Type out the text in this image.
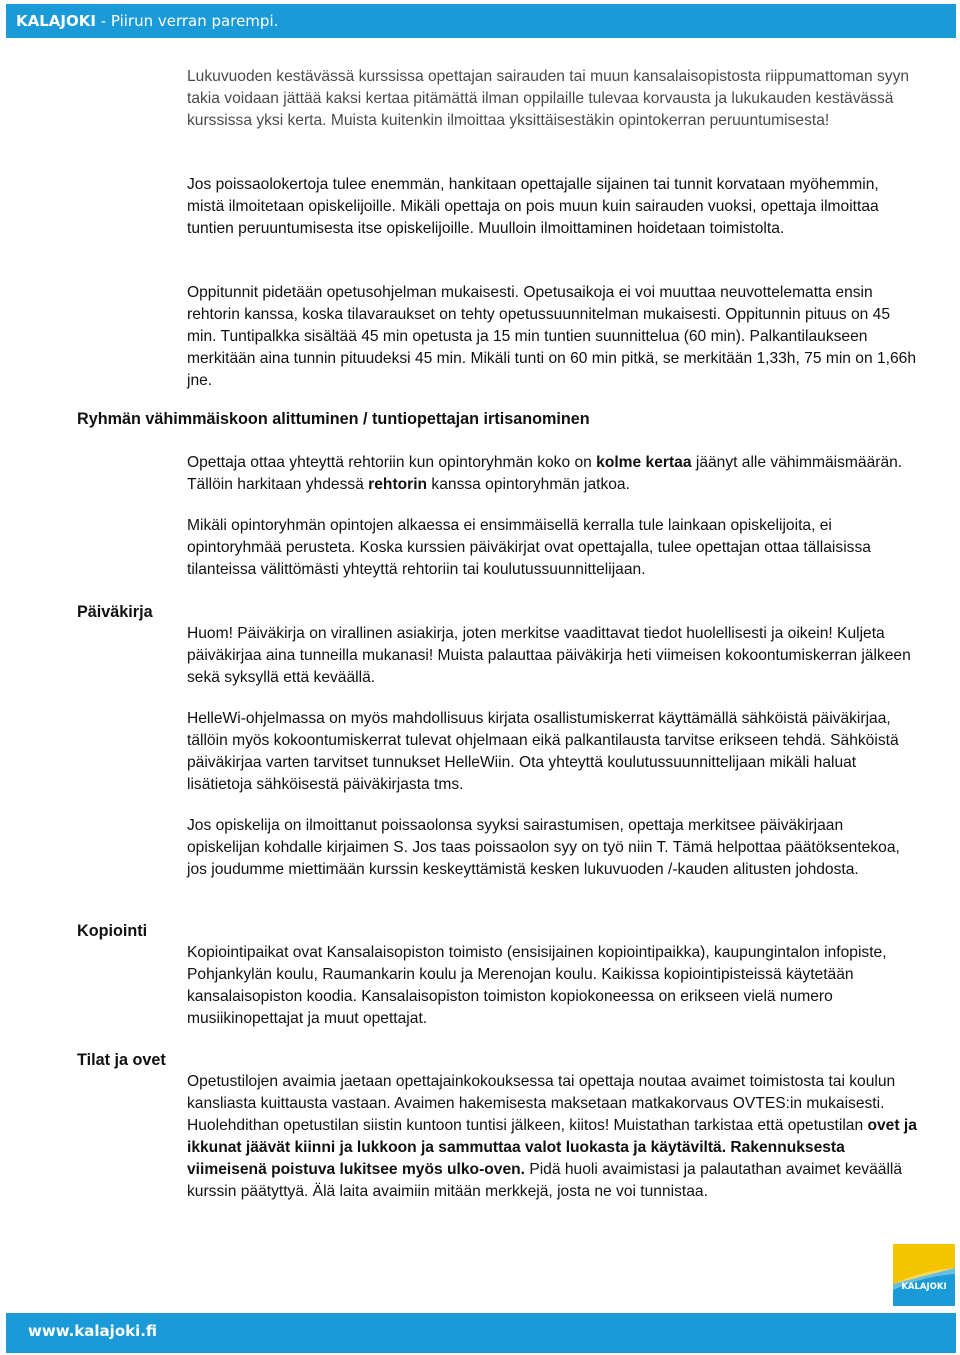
KALAJOKI - Piirun verran parempi.

Lukuvuoden kestävässä kurssissa opettajan sairauden tai muun kansalaisopistosta riippumattoman syyn takia voidaan jättää kaksi kertaa pitämättä ilman oppilaille tulevaa korvausta ja lukukauden kestävässä kurssissa yksi kerta. Muista kuitenkin ilmoittaa yksittäisestäkin opintokerran peruuntumisesta!

Jos poissaolokertoja tulee enemmän, hankitaan opettajalle sijainen tai tunnit korvataan myöhemmin, mistä ilmoitetaan opiskelijoille. Mikäli opettaja on pois muun kuin sairauden vuoksi, opettaja ilmoittaa tuntien peruuntumisesta itse opiskelijoille. Muulloin ilmoittaminen hoidetaan toimistolta.

Oppitunnit pidetään opetusohjelman mukaisesti. Opetusaikoja ei voi muuttaa neuvottelematta ensin rehtorin kanssa, koska tilavaraukset on tehty opetussuunnitelman mukaisesti. Oppitunnin pituus on 45 min. Tuntipalkka sisältää 45 min opetusta ja 15 min tuntien suunnittelua (60 min). Palkantilaukseen merkitään aina tunnin pituudeksi 45 min. Mikäli tunti on 60 min pitkä, se merkitään 1,33h, 75 min on 1,66h jne.

Ryhmän vähimmäiskoon alittuminen / tuntiopettajan irtisanominen

Opettaja ottaa yhteyttä rehtoriin kun opintoryhmän koko on kolme kertaa jäänyt alle vähimmäismäärän. Tällöin harkitaan yhdessä rehtorin kanssa opintoryhmän jatkoa.

Mikäli opintoryhmän opintojen alkaessa ei ensimmäisellä kerralla tule lainkaan opiskelijoita, ei opintoryhmää perusteta. Koska kurssien päiväkirjat ovat opettajalla, tulee opettajan ottaa tällaisissa tilanteissa välittömästi yhteyttä rehtoriin tai koulutussuunnittelijaan.

Päiväkirja

Huom! Päiväkirja on virallinen asiakirja, joten merkitse vaadittavat tiedot huolellisesti ja oikein! Kuljeta päiväkirjaa aina tunneilla mukanasi! Muista palauttaa päiväkirja heti viimeisen kokoontumiskerran jälkeen sekä syksyllä että keväällä.

HelleWi-ohjelmassa on myös mahdollisuus kirjata osallistumiskerrat käyttämällä sähköistä päiväkirjaa, tällöin myös kokoontumiskerrat tulevat ohjelmaan eikä palkantilausta tarvitse erikseen tehdä. Sähköistä päiväkirjaa varten tarvitset tunnukset HelleWiin. Ota yhteyttä koulutussuunnittelijaan mikäli haluat lisätietoja sähköisestä päiväkirjasta tms.

Jos opiskelija on ilmoittanut poissaolonsa syyksi sairastumisen, opettaja merkitsee päiväkirjaan opiskelijan kohdalle kirjaimen S. Jos taas poissaolon syy on työ niin T. Tämä helpottaa päätöksentekoa, jos joudumme miettimään kurssin keskeyttämistä kesken lukuvuoden /-kauden alitusten johdosta.

Kopiointi

Kopiointipaikat ovat Kansalaisopiston toimisto (ensisijainen kopiointipaikka), kaupungintalon infopiste, Pohjankylän koulu, Raumankarin koulu ja Merenojan koulu. Kaikissa kopiointipisteissä käytetään kansalaisopiston koodia. Kansalaisopiston toimiston kopiokoneessa on erikseen vielä numero musiikinopettajat ja muut opettajat.

Tilat ja ovet

Opetustilojen avaimia jaetaan opettajainkokouksessa tai opettaja noutaa avaimet toimistosta tai koulun kansliasta kuittausta vastaan. Avaimen hakemisesta maksetaan matkakorvaus OVTES:in mukaisesti. Huolehdithan opetustilan siistin kuntoon tuntisi jälkeen, kiitos! Muistathan tarkistaa että opetustilan ovet ja ikkunat jäävät kiinni ja lukkoon ja sammuttaa valot luokasta ja käytäviltä. Rakennuksesta viimeisenä poistuva lukitsee myös ulko-oven. Pidä huoli avaimistasi ja palautathan avaimet keväällä kurssin päätyttyä. Älä laita avaimiin mitään merkkejä, josta ne voi tunnistaa.

KALAJOKI
www.kalajoki.fi
